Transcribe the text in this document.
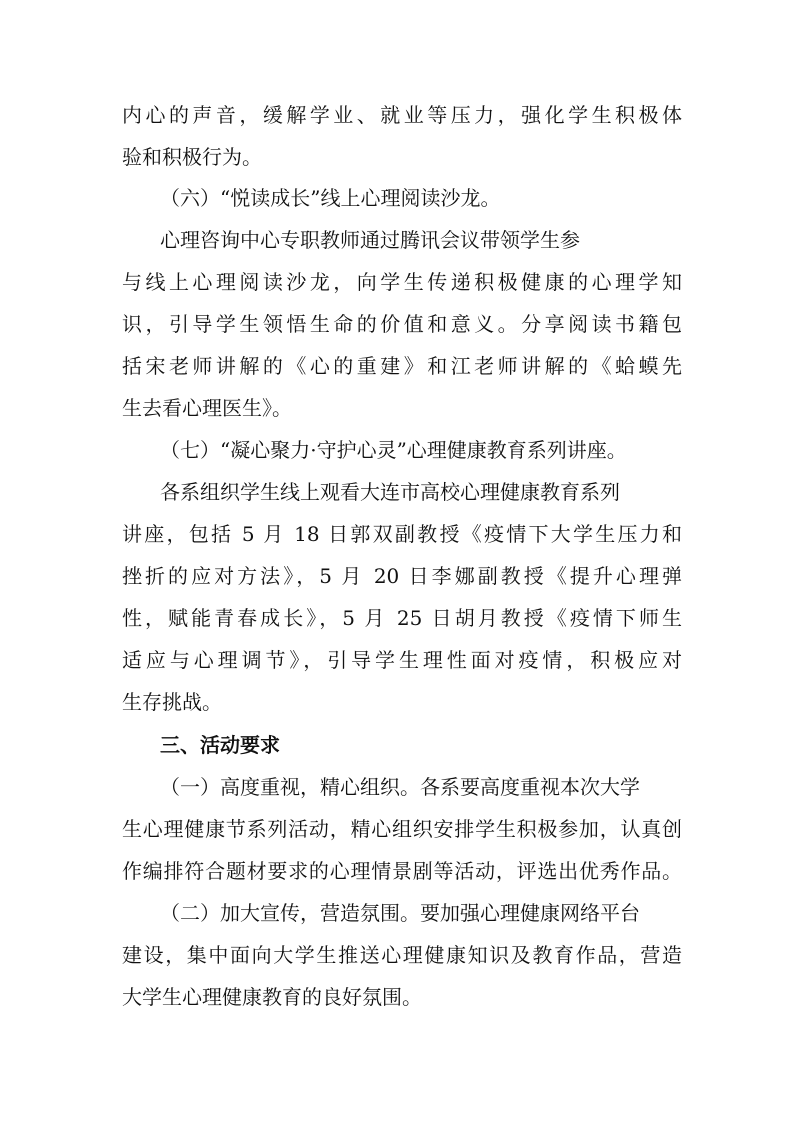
内心的声音，缓解学业、就业等压力，强化学生积极体
验和积极行为。
（六）“悦读成长”线上心理阅读沙龙。
心理咨询中心专职教师通过腾讯会议带领学生参
与线上心理阅读沙龙，向学生传递积极健康的心理学知
识，引导学生领悟生命的价值和意义。分享阅读书籍包
括宋老师讲解的《心的重建》和江老师讲解的《蛤蟆先
生去看心理医生》。
（七）“凝心聚力·守护心灵”心理健康教育系列讲座。
各系组织学生线上观看大连市高校心理健康教育系列
讲座，包括 5 月 18 日郭双副教授《疫情下大学生压力和
挫折的应对方法》，5 月 20 日李娜副教授《提升心理弹
性，赋能青春成长》，5 月 25 日胡月教授《疫情下师生
适应与心理调节》，引导学生理性面对疫情，积极应对
生存挑战。
三、活动要求
（一）高度重视，精心组织。各系要高度重视本次大学
生心理健康节系列活动，精心组织安排学生积极参加，认真创
作编排符合题材要求的心理情景剧等活动，评选出优秀作品。
（二）加大宣传，营造氛围。要加强心理健康网络平台
建设，集中面向大学生推送心理健康知识及教育作品，营造
大学生心理健康教育的良好氛围。
